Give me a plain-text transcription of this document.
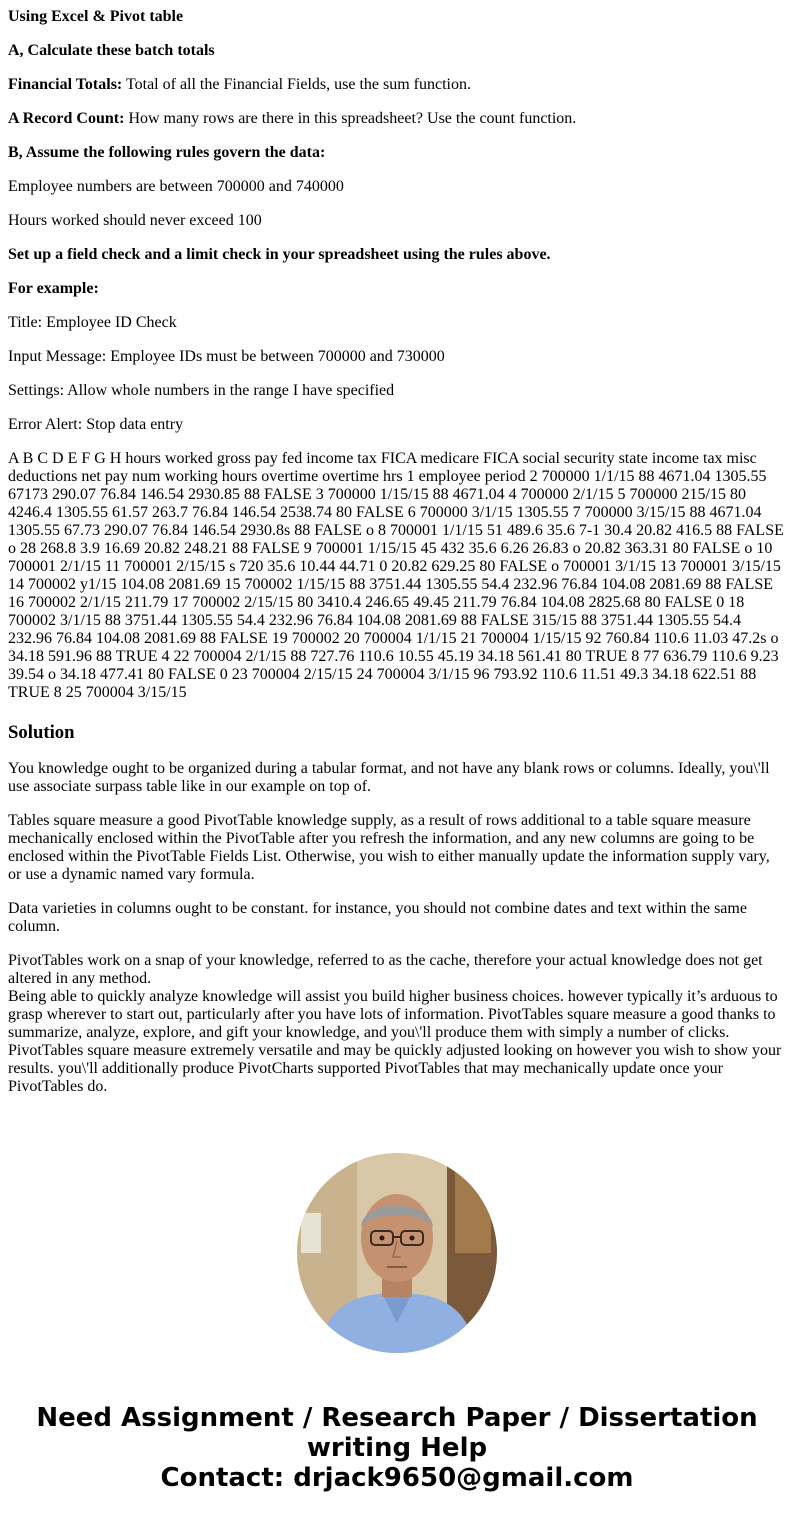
Using Excel & Pivot table

A, Calculate these batch totals

Financial Totals: Total of all the Financial Fields, use the sum function.

A Record Count: How many rows are there in this spreadsheet? Use the count function.

B, Assume the following rules govern the data:

Employee numbers are between 700000 and 740000

Hours worked should never exceed 100

Set up a field check and a limit check in your spreadsheet using the rules above.

For example:

Title: Employee ID Check

Input Message: Employee IDs must be between 700000 and 730000

Settings: Allow whole numbers in the range I have specified

Error Alert: Stop data entry

A B C D E F G H hours worked gross pay fed income tax FICA medicare FICA social security state income tax misc deductions net pay num working hours overtime overtime hrs 1 employee period 2 700000 1/1/15 88 4671.04 1305.55 67173 290.07 76.84 146.54 2930.85 88 FALSE 3 700000 1/15/15 88 4671.04 4 700000 2/1/15 5 700000 215/15 80 4246.4 1305.55 61.57 263.7 76.84 146.54 2538.74 80 FALSE 6 700000 3/1/15 1305.55 7 700000 3/15/15 88 4671.04 1305.55 67.73 290.07 76.84 146.54 2930.8s 88 FALSE o 8 700001 1/1/15 51 489.6 35.6 7-1 30.4 20.82 416.5 88 FALSE o 28 268.8 3.9 16.69 20.82 248.21 88 FALSE 9 700001 1/15/15 45 432 35.6 6.26 26.83 o 20.82 363.31 80 FALSE o 10 700001 2/1/15 11 700001 2/15/15 s 720 35.6 10.44 44.71 0 20.82 629.25 80 FALSE o 700001 3/1/15 13 700001 3/15/15 14 700002 y1/15 104.08 2081.69 15 700002 1/15/15 88 3751.44 1305.55 54.4 232.96 76.84 104.08 2081.69 88 FALSE 16 700002 2/1/15 211.79 17 700002 2/15/15 80 3410.4 246.65 49.45 211.79 76.84 104.08 2825.68 80 FALSE 0 18 700002 3/1/15 88 3751.44 1305.55 54.4 232.96 76.84 104.08 2081.69 88 FALSE 315/15 88 3751.44 1305.55 54.4 232.96 76.84 104.08 2081.69 88 FALSE 19 700002 20 700004 1/1/15 21 700004 1/15/15 92 760.84 110.6 11.03 47.2s o 34.18 591.96 88 TRUE 4 22 700004 2/1/15 88 727.76 110.6 10.55 45.19 34.18 561.41 80 TRUE 8 77 636.79 110.6 9.23 39.54 o 34.18 477.41 80 FALSE 0 23 700004 2/15/15 24 700004 3/1/15 96 793.92 110.6 11.51 49.3 34.18 622.51 88 TRUE 8 25 700004 3/15/15

Solution

You knowledge ought to be organized during a tabular format, and not have any blank rows or columns. Ideally, you\'ll use associate surpass table like in our example on top of.

Tables square measure a good PivotTable knowledge supply, as a result of rows additional to a table square measure mechanically enclosed within the PivotTable after you refresh the information, and any new columns are going to be enclosed within the PivotTable Fields List. Otherwise, you wish to either manually update the information supply vary, or use a dynamic named vary formula.

Data varieties in columns ought to be constant. for instance, you should not combine dates and text within the same column.

PivotTables work on a snap of your knowledge, referred to as the cache, therefore your actual knowledge does not get altered in any method.

Being able to quickly analyze knowledge will assist you build higher business choices. however typically it’s arduous to grasp wherever to start out, particularly after you have lots of information. PivotTables square measure a good thanks to summarize, analyze, explore, and gift your knowledge, and you\'ll produce them with simply a number of clicks. PivotTables square measure extremely versatile and may be quickly adjusted looking on however you wish to show your results. you\'ll additionally produce PivotCharts supported PivotTables that may mechanically update once your PivotTables do.

Need Assignment / Research Paper / Dissertation
writing Help
Contact: drjack9650@gmail.com
